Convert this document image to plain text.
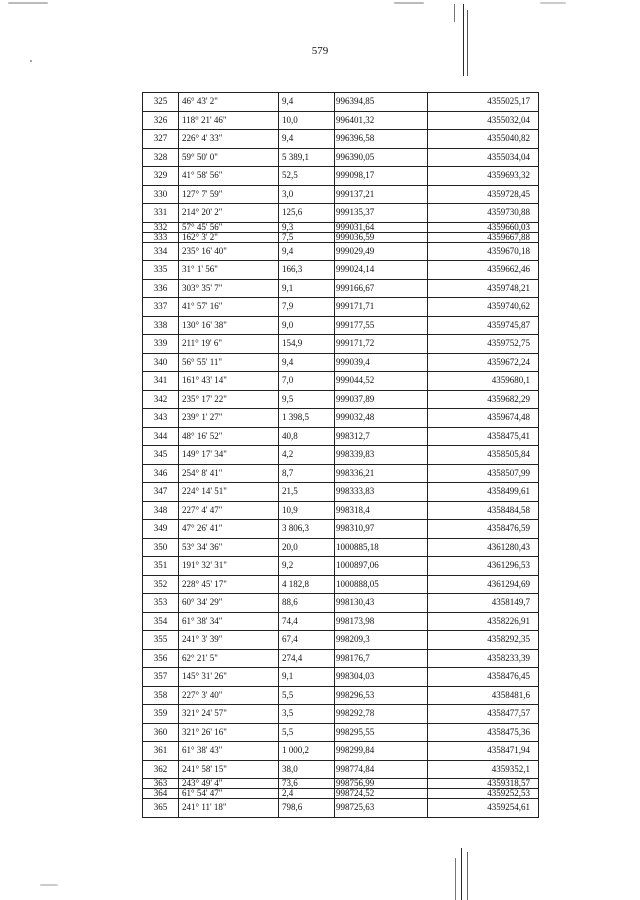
579
325	46° 43' 2"	9,4	996394,85	4355025,17
326	118° 21' 46"	10,0	996401,32	4355032,04
327	226° 4' 33"	9,4	996396,58	4355040,82
328	59° 50' 0"	5 389,1	996390,05	4355034,04
329	41° 58' 56"	52,5	999098,17	4359693,32
330	127° 7' 59"	3,0	999137,21	4359728,45
331	214° 20' 2"	125,6	999135,37	4359730,88
332	57° 45' 56"	9,3	999031,64	4359660,03
333	162° 3' 2"	7,5	999036,59	4359667,88
334	235° 16' 40"	9,4	999029,49	4359670,18
335	31° 1' 56"	166,3	999024,14	4359662,46
336	303° 35' 7"	9,1	999166,67	4359748,21
337	41° 57' 16"	7,9	999171,71	4359740,62
338	130° 16' 38"	9,0	999177,55	4359745,87
339	211° 19' 6"	154,9	999171,72	4359752,75
340	56° 55' 11"	9,4	999039,4	4359672,24
341	161° 43' 14"	7,0	999044,52	4359680,1
342	235° 17' 22"	9,5	999037,89	4359682,29
343	239° 1' 27"	1 398,5	999032,48	4359674,48
344	48° 16' 52"	40,8	998312,7	4358475,41
345	149° 17' 34"	4,2	998339,83	4358505,84
346	254° 8' 41"	8,7	998336,21	4358507,99
347	224° 14' 51"	21,5	998333,83	4358499,61
348	227° 4' 47"	10,9	998318,4	4358484,58
349	47° 26' 41"	3 806,3	998310,97	4358476,59
350	53° 34' 36"	20,0	1000885,18	4361280,43
351	191° 32' 31"	9,2	1000897,06	4361296,53
352	228° 45' 17"	4 182,8	1000888,05	4361294,69
353	60° 34' 29"	88,6	998130,43	4358149,7
354	61° 38' 34"	74,4	998173,98	4358226,91
355	241° 3' 39"	67,4	998209,3	4358292,35
356	62° 21' 5"	274,4	998176,7	4358233,39
357	145° 31' 26"	9,1	998304,03	4358476,45
358	227° 3' 40"	5,5	998296,53	4358481,6
359	321° 24' 57"	3,5	998292,78	4358477,57
360	321° 26' 16"	5,5	998295,55	4358475,36
361	61° 38' 43"	1 000,2	998299,84	4358471,94
362	241° 58' 15"	38,0	998774,84	4359352,1
363	243° 49' 4"	73,6	998756,99	4359318,57
364	61° 54' 47"	2,4	998724,52	4359252,53
365	241° 11' 18"	798,6	998725,63	4359254,61
